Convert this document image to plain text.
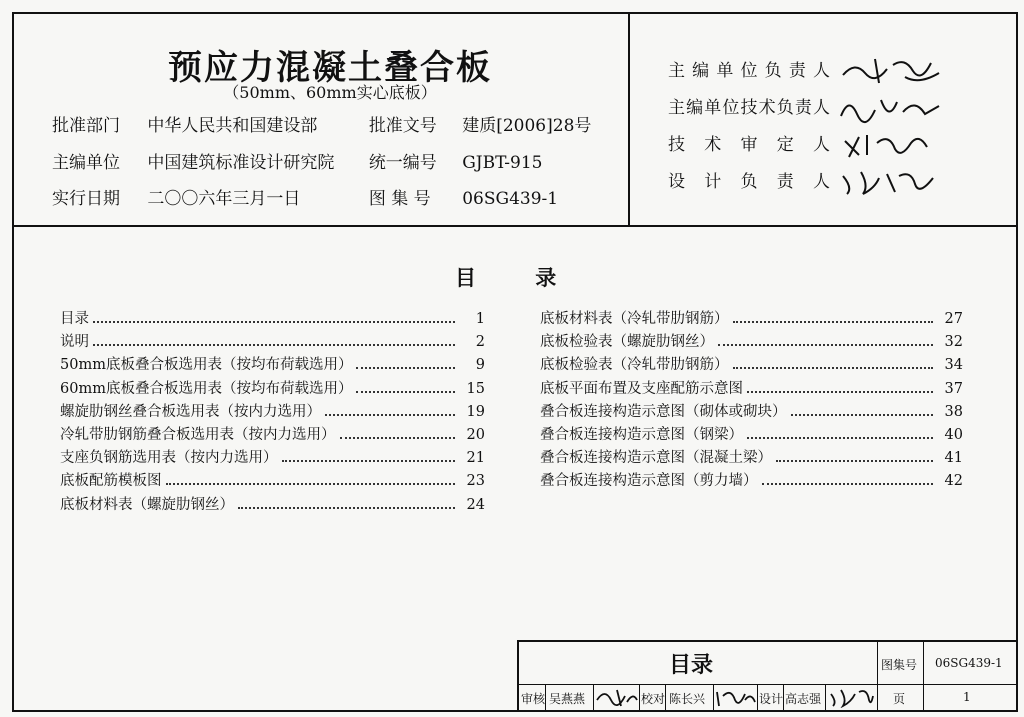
预应力混凝土叠合板
（50mm、60mm实心底板）
批准部门 中华人民共和国建设部	批准文号 建质[2006]28号
主编单位 中国建筑标准设计研究院 统一编号 GJBT-915
实行日期 二〇〇六年三月一日	图 集 号 06SG439-1
主编单位负责人
主编单位技术负责人
技术审定人
设计负责人
目 录
目录	1
说明	2
50mm底板叠合板选用表（按均布荷载选用）	9
60mm底板叠合板选用表（按均布荷载选用）	15
螺旋肋钢丝叠合板选用表（按内力选用）	19
冷轧带肋钢筋叠合板选用表（按内力选用）	20
支座负钢筋选用表（按内力选用）	21
底板配筋模板图	23
底板材料表（螺旋肋钢丝）	24
底板材料表（冷轧带肋钢筋）	27
底板检验表（螺旋肋钢丝）	32
底板检验表（冷轧带肋钢筋）	34
底板平面布置及支座配筋示意图	37
叠合板连接构造示意图（砌体或砌块）	38
叠合板连接构造示意图（钢梁）	40
叠合板连接构造示意图（混凝土梁）	41
叠合板连接构造示意图（剪力墙）	42
目录	图集号 06SG439-1
审核 吴燕燕	校对 陈长兴	设计 高志强	页	1
